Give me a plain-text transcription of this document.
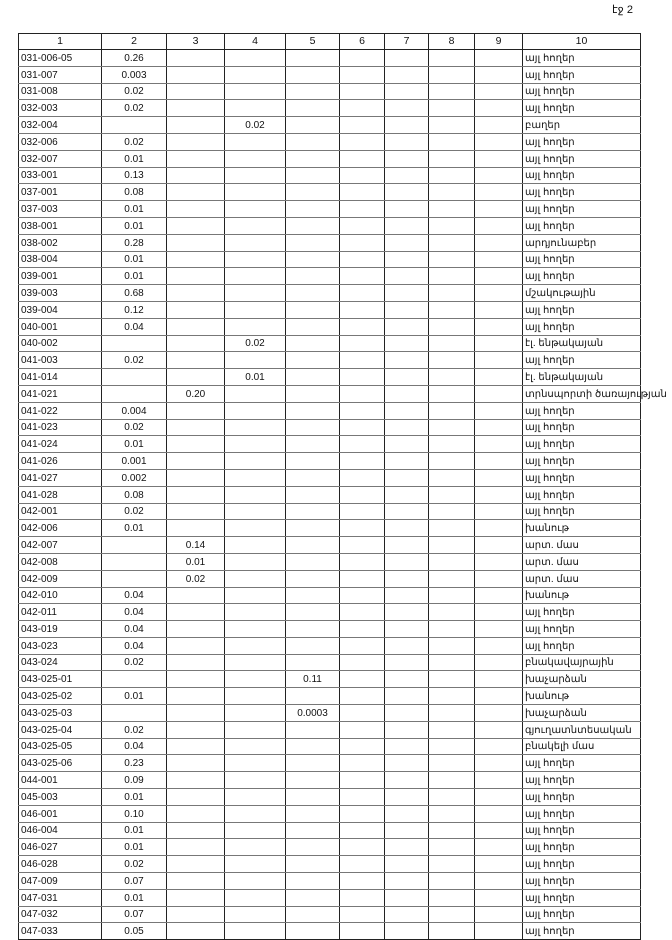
էջ 2
1	2	3	4	5	6	7	8	9	10
031-006-05	0.26								այլ հողեր
031-007	0.003								այլ հողեր
031-008	0.02								այլ հողեր
032-003	0.02								այլ հողեր
032-004			0.02						բաղեր
032-006	0.02								այլ հողեր
032-007	0.01								այլ հողեր
033-001	0.13								այլ հողեր
037-001	0.08								այլ հողեր
037-003	0.01								այլ հողեր
038-001	0.01								այլ հողեր
038-002	0.28								արդյունաբեր
038-004	0.01								այլ հողեր
039-001	0.01								այլ հողեր
039-003	0.68								մշակութային
039-004	0.12								այլ հողեր
040-001	0.04								այլ հողեր
040-002			0.02						էլ. ենթակայան
041-003	0.02								այլ հողեր
041-014			0.01						էլ. ենթակայան
041-021		0.20							տրնսպորտի ծառայության
041-022	0.004								այլ հողեր
041-023	0.02								այլ հողեր
041-024	0.01								այլ հողեր
041-026	0.001								այլ հողեր
041-027	0.002								այլ հողեր
041-028	0.08								այլ հողեր
042-001	0.02								այլ հողեր
042-006	0.01								խանութ
042-007		0.14							արտ. մաս
042-008		0.01							արտ. մաս
042-009		0.02							արտ. մաս
042-010	0.04								խանութ
042-011	0.04								այլ հողեր
043-019	0.04								այլ հողեր
043-023	0.04								այլ հողեր
043-024	0.02								բնակավայրային
043-025-01				0.11					խաչարձան
043-025-02	0.01								խանութ
043-025-03				0.0003					խաչարձան
043-025-04	0.02								գյուղատնտեսական
043-025-05	0.04								բնակելի մաս
043-025-06	0.23								այլ հողեր
044-001	0.09								այլ հողեր
045-003	0.01								այլ հողեր
046-001	0.10								այլ հողեր
046-004	0.01								այլ հողեր
046-027	0.01								այլ հողեր
046-028	0.02								այլ հողեր
047-009	0.07								այլ հողեր
047-031	0.01								այլ հողեր
047-032	0.07								այլ հողեր
047-033	0.05								այլ հողեր
